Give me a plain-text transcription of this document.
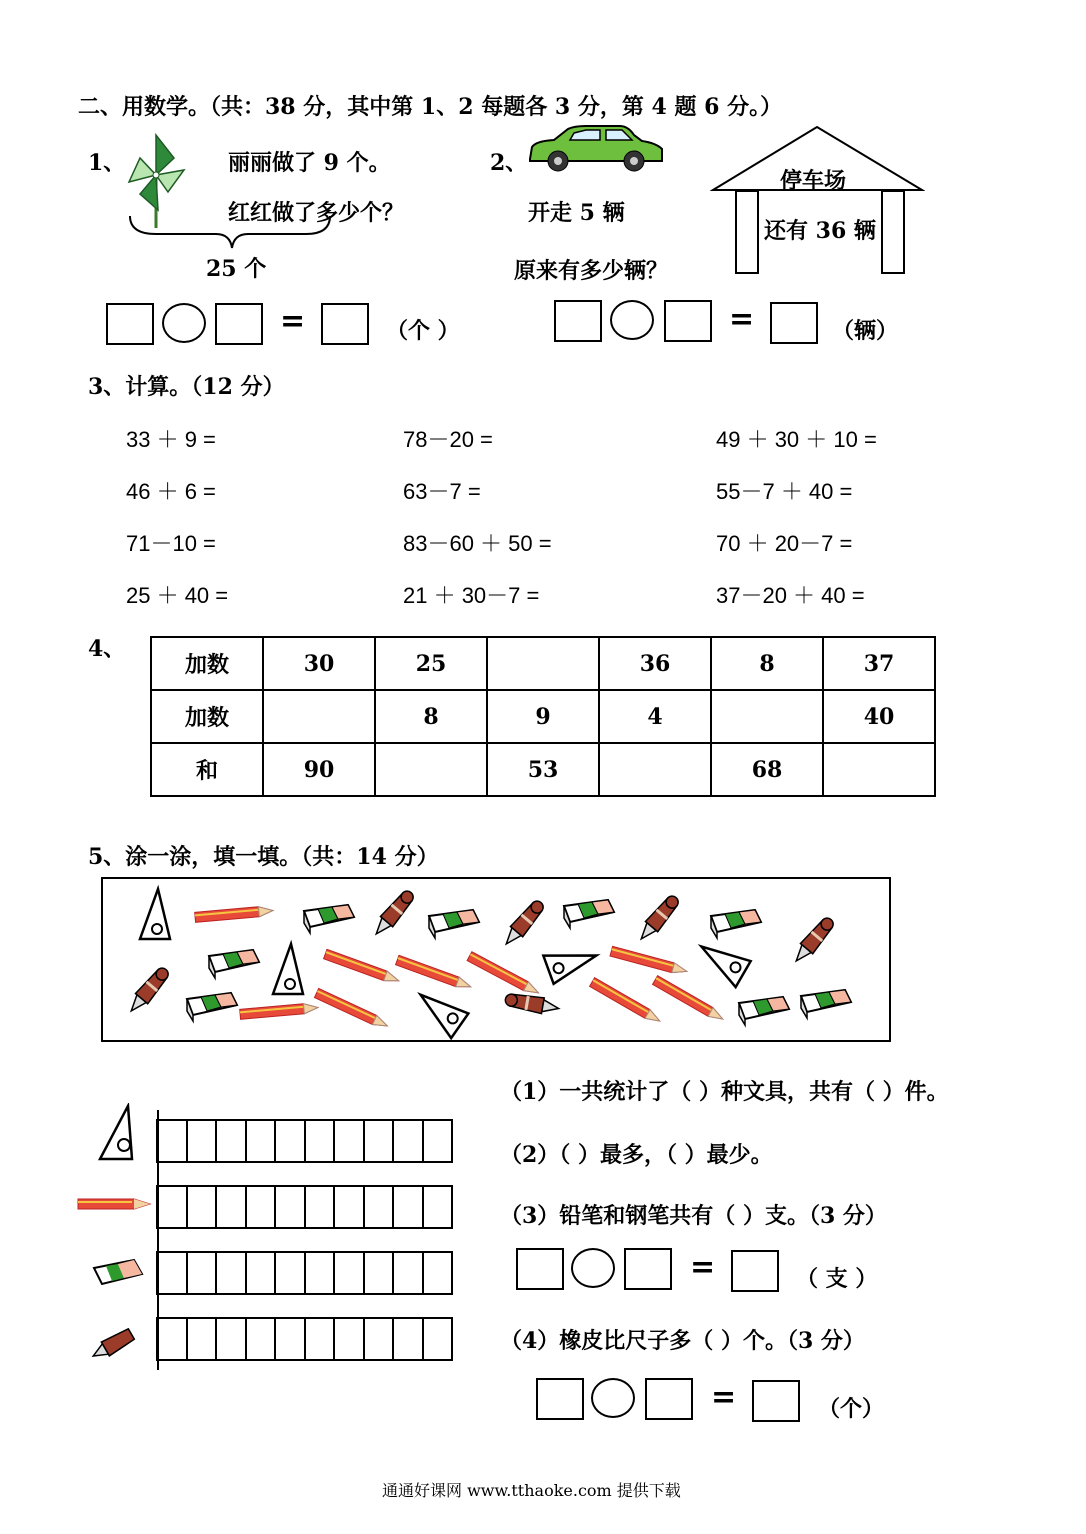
二、用数学。（共：38 分，其中第 1、2 每题各 3 分，第 4 题 6 分。）
1、	丽丽做了 9 个。
红红做了多少个？
25 个
=	（个 ）
2、
开走 5 辆
原来有多少辆？
停车场
还有 36 辆
=	（辆）
3、计算。（12 分）
33 ＋ 9 =	78－20 =	49 ＋ 30 ＋ 10 =
46 ＋ 6 =	63－7 =	55－7 ＋ 40 =
71－10 =	83－60 ＋ 50 =	70 ＋ 20－7 =
25 ＋ 40 =	21 ＋ 30－7 =	37－20 ＋ 40 =
4、
加数	30	25		36	8	37
加数		8	9	4		40
和	90		53		68	
5、涂一涂，填一填。（共：14 分）
（1）一共统计了（ ）种文具，共有（ ）件。
（2）（ ）最多，（ ）最少。
（3）铅笔和钢笔共有（ ）支。（3 分）
=	（ 支 ）
（4）橡皮比尺子多（ ）个。（3 分）
=	（个）
通通好课网 www.tthaoke.com 提供下载
